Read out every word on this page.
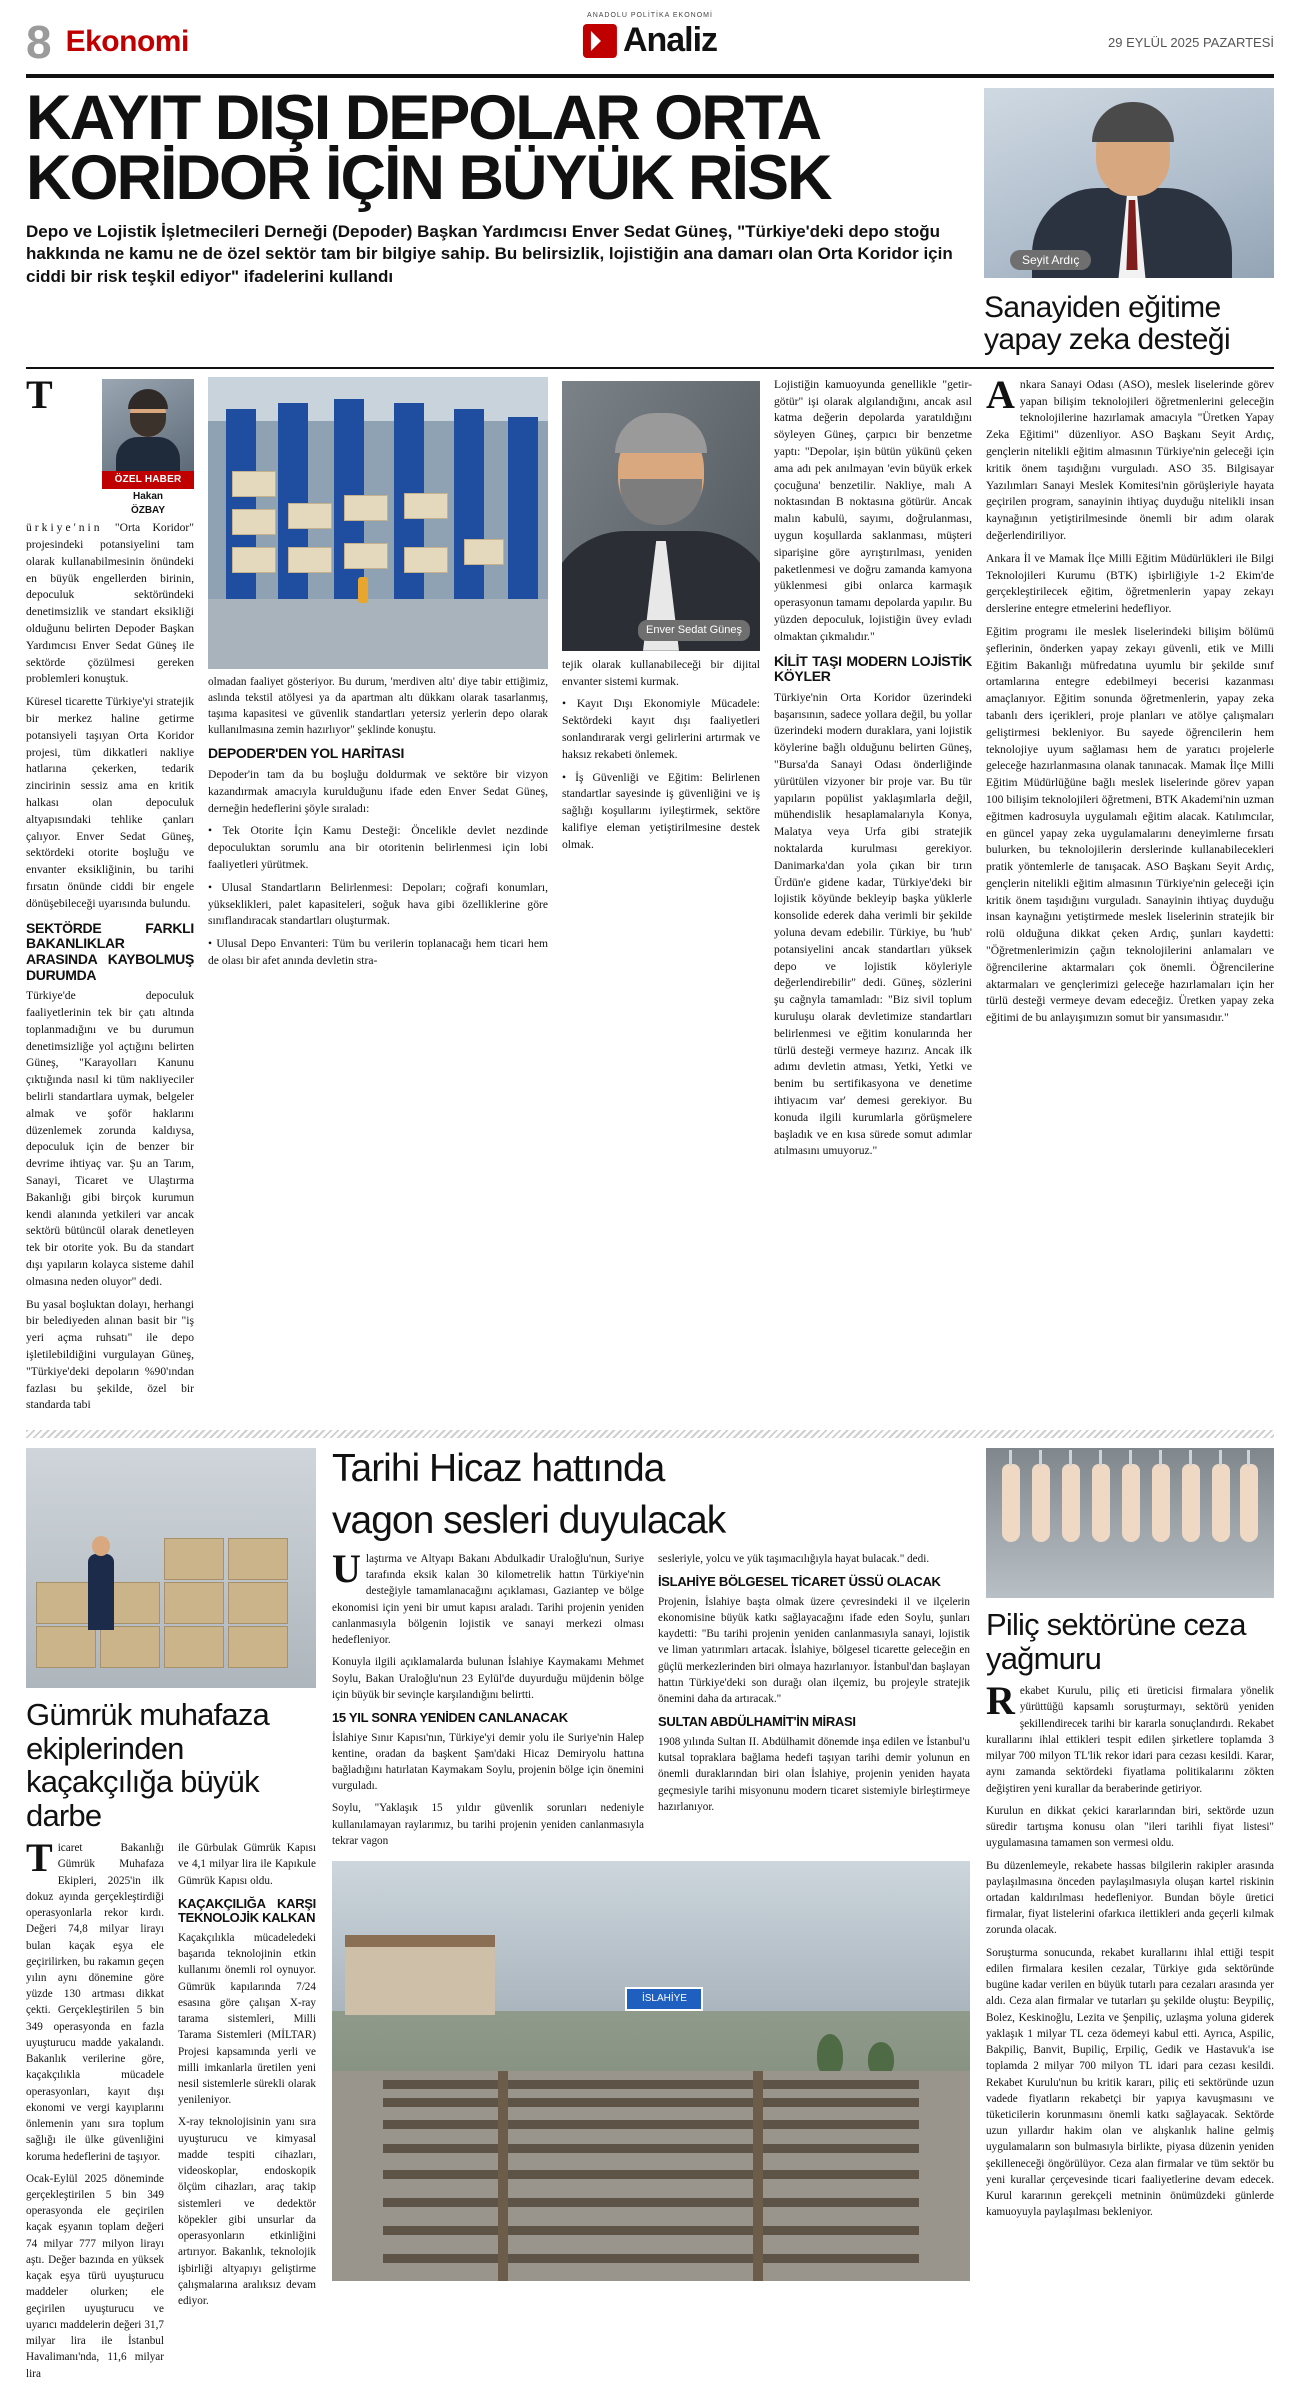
8 Ekonomi
ANADOLU POLİTİKA EKONOMİ
Analiz	29 EYLÜL 2025 PAZARTESİ
KAYIT DIŞI DEPOLAR ORTA
KORİDOR İÇİN BÜYÜK RİSK
Depo ve Lojistik İşletmecileri Derneği (Depoder) Başkan Yardımcısı Enver Sedat Güneş, "Türkiye'deki depo stoğu hakkında ne kamu ne de özel sektör tam bir bilgiye sahip. Bu belirsizlik, lojistiğin ana damarı olan Orta Koridor için ciddi bir risk teşkil ediyor" ifadelerini kullandı
Seyit Ardıç
Sanayiden eğitime yapay zeka desteği
ÖZEL HABER
Hakan
ÖZBAY

T
ürkiye'nin "Orta Koridor" projesindeki potansiyelini tam olarak kullanabilmesinin önündeki en büyük engellerden birinin, depoculuk sektöründeki denetimsizlik ve standart eksikliği olduğunu belirten Depoder Başkan Yardımcısı Enver Sedat Güneş ile sektörde çözülmesi gereken problemleri konuştuk.

Küresel ticarette Türkiye'yi stratejik bir merkez haline getirme potansiyeli taşıyan Orta Koridor projesi, tüm dikkatleri nakliye hatlarına çekerken, tedarik zincirinin sessiz ama en kritik halkası olan depoculuk altyapısındaki tehlike çanları çalıyor. Enver Sedat Güneş, sektördeki otorite boşluğu ve envanter eksikliğinin, bu tarihi fırsatın önünde ciddi bir engele dönüşebileceği uyarısında bulundu.

SEKTÖRDE FARKLI BAKANLIKLAR ARASINDA KAYBOLMUŞ DURUMDA

Türkiye'de depoculuk faaliyetlerinin tek bir çatı altında toplanmadığını ve bu durumun denetimsizliğe yol açtığını belirten Güneş, "Karayolları Kanunu çıktığında nasıl ki tüm nakliyeciler belirli standartlara uymak, belgeler almak ve şoför haklarını düzenlemek zorunda kaldıysa, depoculuk için de benzer bir devrime ihtiyaç var. Şu an Tarım, Sanayi, Ticaret ve Ulaştırma Bakanlığı gibi birçok kurumun kendi alanında yetkileri var ancak sektörü bütüncül olarak denetleyen tek bir otorite yok. Bu da standart dışı yapıların kolayca sisteme dahil olmasına neden oluyor" dedi.

Bu yasal boşluktan dolayı, herhangi bir belediyeden alınan basit bir "iş yeri açma ruhsatı" ile depo işletilebildiğini vurgulayan Güneş, "Türkiye'deki depoların %90'ından fazlası bu şekilde, özel bir standarda tabi

olmadan faaliyet gösteriyor. Bu durum, 'merdiven altı' diye tabir ettiğimiz, aslında tekstil atölyesi ya da apartman altı dükkanı olarak tasarlanmış, taşıma kapasitesi ve güvenlik standartları yetersiz yerlerin depo olarak kullanılmasına zemin hazırlıyor" şeklinde konuştu.

DEPODER'DEN YOL HARİTASI

Depoder'in tam da bu boşluğu doldurmak ve sektöre bir vizyon kazandırmak amacıyla kurulduğunu ifade eden Enver Sedat Güneş, derneğin hedeflerini şöyle sıraladı:

• Tek Otorite İçin Kamu Desteği: Öncelikle devlet nezdinde depoculuktan sorumlu ana bir otoritenin belirlenmesi için lobi faaliyetleri yürütmek.

• Ulusal Standartların Belirlenmesi: Depoları; coğrafi konumları, yükseklikleri, palet kapasiteleri, soğuk hava gibi özelliklerine göre sınıflandıracak standartları oluşturmak.

• Ulusal Depo Envanteri: Tüm bu verilerin toplanacağı hem ticari hem de olası bir afet anında devletin stra-

Enver Sedat Güneş

tejik olarak kullanabileceği bir dijital envanter sistemi kurmak.

• Kayıt Dışı Ekonomiyle Mücadele: Sektördeki kayıt dışı faaliyetleri sonlandırarak vergi gelirlerini artırmak ve haksız rekabeti önlemek.

• İş Güvenliği ve Eğitim: Belirlenen standartlar sayesinde iş güvenliğini ve iş sağlığı koşullarını iyileştirmek, sektöre kalifiye eleman yetiştirilmesine destek olmak.

Lojistiğin kamuoyunda genellikle "getir-götür" işi olarak algılandığını, ancak asıl katma değerin depolarda yaratıldığını söyleyen Güneş, çarpıcı bir benzetme yaptı: "Depolar, işin bütün yükünü çeken ama adı pek anılmayan 'evin büyük erkek çocuğuna' benzetilir. Nakliye, malı A noktasından B noktasına götürür. Ancak malın kabulü, sayımı, doğrulanması, uygun koşullarda saklanması, müşteri siparişine göre ayrıştırılması, yeniden paketlenmesi ve doğru zamanda kamyona yüklenmesi gibi onlarca karmaşık operasyonun tamamı depolarda yapılır. Bu yüzden depoculuk, lojistiğin üvey evladı olmaktan çıkmalıdır."

KİLİT TAŞI MODERN LOJİSTİK KÖYLER

Türkiye'nin Orta Koridor üzerindeki başarısının, sadece yollara değil, bu yollar üzerindeki modern duraklara, yani lojistik köylerine bağlı olduğunu belirten Güneş, "Bursa'da Sanayi Odası önderliğinde yürütülen vizyoner bir proje var. Bu tür yapıların popülist yaklaşımlarla değil, mühendislik hesaplamalarıyla Konya, Malatya veya Urfa gibi stratejik noktalarda kurulması gerekiyor. Danimarka'dan yola çıkan bir tırın Ürdün'e gidene kadar, Türkiye'deki bir lojistik köyünde bekleyip başka yüklerle konsolide ederek daha verimli bir şekilde yoluna devam edebilir. Türkiye, bu 'hub' potansiyelini ancak standartları yüksek depo ve lojistik köyleriyle değerlendirebilir" dedi. Güneş, sözlerini şu cağnyla tamamladı: "Biz sivil toplum kuruluşu olarak devletimize standartları belirlenmesi ve eğitim konularında her türlü desteği vermeye hazırız. Ancak ilk adımı devletin atması, Yetki, Yetki ve benim bu sertifikasyona ve denetime ihtiyacım var' demesi gerekiyor. Bu konuda ilgili kurumlarla görüşmelere başladık ve en kısa sürede somut adımlar atılmasını umuyoruz."

Ankara Sanayi Odası (ASO), meslek liselerinde görev yapan bilişim teknolojileri öğretmenlerini geleceğin teknolojilerine hazırlamak amacıyla "Üretken Yapay Zeka Eğitimi" düzenliyor. ASO Başkanı Seyit Ardıç, gençlerin nitelikli eğitim almasının Türkiye'nin geleceği için kritik önem taşıdığını vurguladı. ASO 35. Bilgisayar Yazılımları Sanayi Meslek Komitesi'nin görüşleriyle hayata geçirilen program, sanayinin ihtiyaç duyduğu nitelikli insan kaynağının yetiştirilmesinde önemli bir adım olarak değerlendiriliyor.

Ankara İl ve Mamak İlçe Milli Eğitim Müdürlükleri ile Bilgi Teknolojileri Kurumu (BTK) işbirliğiyle 1-2 Ekim'de gerçekleştirilecek eğitim, öğretmenlerin yapay zekayı derslerine entegre etmelerini hedefliyor.

Eğitim programı ile meslek liselerindeki bilişim bölümü şeflerinin, önderken yapay zekayı güvenli, etik ve Milli Eğitim Bakanlığı müfredatına uyumlu bir şekilde sınıf ortamlarına entegre edebilmeyi becerisi kazanması amaçlanıyor. Eğitim sonunda öğretmenlerin, yapay zeka tabanlı ders içerikleri, proje planları ve atölye çalışmaları geliştirmesi bekleniyor. Bu sayede öğrencilerin hem teknolojiye uyum sağlaması hem de yaratıcı projelerle geleceğe hazırlanmasına olanak tanınacak. Mamak İlçe Milli Eğitim Müdürlüğüne bağlı meslek liselerinde görev yapan 100 bilişim teknolojileri öğretmeni, BTK Akademi'nin uzman eğitmen kadrosuyla uygulamalı eğitim alacak. Katılımcılar, en güncel yapay zeka uygulamalarını deneyimlerne fırsatı bulurken, bu teknolojilerin derslerinde kullanabilecekleri pratik yöntemlerle de tanışacak. ASO Başkanı Seyit Ardıç, gençlerin nitelikli eğitim almasının Türkiye'nin geleceği için kritik önem taşıdığını vurguladı. Sanayinin ihtiyaç duyduğu insan kaynağını yetiştirmede meslek liselerinin stratejik bir rolü olduğuna dikkat çeken Ardıç, şunları kaydetti: "Öğretmenlerimizin çağın teknolojilerini anlamaları ve öğrencilerine aktarmaları çok önemli. Öğrencilerine aktarmaları ve gençlerimizi geleceğe hazırlamaları için her türlü desteği vermeye devam edeceğiz. Üretken yapay zeka eğitimi de bu anlayışımızın somut bir yansımasıdır."

Gümrük muhafaza ekiplerinden kaçakçılığa büyük darbe

Ticaret Bakanlığı Gümrük Muhafaza Ekipleri, 2025'in ilk dokuz ayında gerçekleştirdiği operasyonlarla rekor kırdı. Değeri 74,8 milyar lirayı bulan kaçak eşya ele geçirilirken, bu rakamın geçen yılın aynı dönemine göre yüzde 130 artması dikkat çekti. Gerçekleştirilen 5 bin 349 operasyonda en fazla uyuşturucu madde yakalandı. Bakanlık verilerine göre, kaçakçılıkla mücadele operasyonları, kayıt dışı ekonomi ve vergi kayıplarını önlemenin yanı sıra toplum sağlığı ile ülke güvenliğini koruma hedeflerini de taşıyor.

Ocak-Eylül 2025 döneminde gerçekleştirilen 5 bin 349 operasyonda ele geçirilen kaçak eşyanın toplam değeri 74 milyar 777 milyon lirayı aştı. Değer bazında en yüksek kaçak eşya türü uyuşturucu maddeler olurken; ele geçirilen uyuşturucu ve uyarıcı maddelerin değeri 31,7 milyar lira ile İstanbul Havalimanı'nda, 11,6 milyar lira

ile Gürbulak Gümrük Kapısı ve 4,1 milyar lira ile Kapıkule Gümrük Kapısı oldu.

KAÇAKÇILIĞA KARŞI TEKNOLOJİK KALKAN

Kaçakçılıkla mücadeledeki başarıda teknolojinin etkin kullanımı önemli rol oynuyor. Gümrük kapılarında 7/24 esasına göre çalışan X-ray tarama sistemleri, Milli Tarama Sistemleri (MİLTAR) Projesi kapsamında yerli ve milli imkanlarla üretilen yeni nesil sistemlerle sürekli olarak yenileniyor.

X-ray teknolojisinin yanı sıra uyuşturucu ve kimyasal madde tespiti cihazları, videoskoplar, endoskopik ölçüm cihazları, araç takip sistemleri ve dedektör köpekler gibi unsurlar da operasyonların etkinliğini artırıyor. Bakanlık, teknolojik işbirliği altyapıyı geliştirme çalışmalarına aralıksız devam ediyor.

Tarihi Hicaz hattında
vagon sesleri duyulacak

Ulaştırma ve Altyapı Bakanı Abdulkadir Uraloğlu'nun, Suriye tarafında eksik kalan 30 kilometrelik hattın Türkiye'nin desteğiyle tamamlanacağını açıklaması, Gaziantep ve bölge ekonomisi için yeni bir umut kapısı araladı. Tarihi projenin yeniden canlanmasıyla bölgenin lojistik ve sanayi merkezi olması hedefleniyor.

Konuyla ilgili açıklamalarda bulunan İslahiye Kaymakamı Mehmet Soylu, Bakan Uraloğlu'nun 23 Eylül'de duyurduğu müjdenin bölge için büyük bir sevinçle karşılandığını belirtti.

15 YIL SONRA YENİDEN CANLANACAK

İslahiye Sınır Kapısı'nın, Türkiye'yi demir yolu ile Suriye'nin Halep kentine, oradan da başkent Şam'daki Hicaz Demiryolu hattına bağladığını hatırlatan Kaymakam Soylu, projenin bölge için önemini vurguladı.

Soylu, "Yaklaşık 15 yıldır güvenlik sorunları nedeniyle kullanılamayan raylarımız, bu tarihi projenin yeniden canlanmasıyla tekrar vagon

sesleriyle, yolcu ve yük taşımacılığıyla hayat bulacak." dedi.

İSLAHİYE BÖLGESEL TİCARET ÜSSÜ OLACAK

Projenin, İslahiye başta olmak üzere çevresindeki il ve ilçelerin ekonomisine büyük katkı sağlayacağını ifade eden Soylu, şunları kaydetti: "Bu tarihi projenin yeniden canlanmasıyla sanayi, lojistik ve liman yatırımları artacak. İslahiye, bölgesel ticarette geleceğin en güçlü merkezlerinden biri olmaya hazırlanıyor. İstanbul'dan başlayan hattın Türkiye'deki son durağı olan ilçemiz, bu projeyle stratejik önemini daha da artıracak."

SULTAN ABDÜLHAMİT'İN MİRASI

1908 yılında Sultan II. Abdülhamit dönemde inşa edilen ve İstanbul'u kutsal topraklara bağlama hedefi taşıyan tarihi demir yolunun en önemli duraklarından biri olan İslahiye, projenin yeniden hayata geçmesiyle tarihi misyonunu modern ticaret sistemiyle birleştirmeye hazırlanıyor.

İSLAHİYE
Piliç sektörüne ceza yağmuru

Rekabet Kurulu, piliç eti üreticisi firmalara yönelik yürüttüğü kapsamlı soruşturmayı, sektörü yeniden şekillendirecek tarihi bir kararla sonuçlandırdı. Rekabet kurallarını ihlal ettikleri tespit edilen şirketlere toplamda 3 milyar 700 milyon TL'lik rekor idari para cezası kesildi. Karar, aynı zamanda sektördeki fiyatlama politikalarını zökten değiştiren yeni kurallar da beraberinde getiriyor.

Kurulun en dikkat çekici kararlarından biri, sektörde uzun süredir tartışma konusu olan "ileri tarihli fiyat listesi" uygulamasına tamamen son vermesi oldu.

Bu düzenlemeyle, rekabete hassas bilgilerin rakipler arasında paylaşılmasına önceden paylaşılmasıyla oluşan kartel riskinin ortadan kaldırılması hedefleniyor. Bundan böyle üretici firmalar, fiyat listelerini ofarkıca ilettikleri anda geçerli kılmak zorunda olacak.

Soruşturma sonucunda, rekabet kurallarını ihlal ettiği tespit edilen firmalara kesilen cezalar, Türkiye gıda sektöründe bugüne kadar verilen en büyük tutarlı para cezaları arasında yer aldı. Ceza alan firmalar ve tutarları şu şekilde oluştu: Beypiliç, Bolez, Keskinoğlu, Lezita ve Şenpiliç, uzlaşma yoluna giderek yaklaşık 1 milyar TL ceza ödemeyi kabul etti. Ayrıca, Aspilic, Bakpiliç, Banvit, Bupiliç, Erpiliç, Gedik ve Hastavuk'a ise toplamda 2 milyar 700 milyon TL idari para cezası kesildi. Rekabet Kurulu'nun bu kritik kararı, piliç eti sektöründe uzun vadede fiyatların rekabetçi bir yapıya kavuşmasını ve tüketicilerin korunmasını önemli katkı sağlayacak. Sektörde uzun yıllardır hakim olan ve alışkanlık haline gelmiş uygulamaların son bulmasıyla birlikte, piyasa düzenin yeniden şekilleneceği öngörülüyor. Ceza alan firmalar ve tüm sektör bu yeni kurallar çerçevesinde ticari faaliyetlerine devam edecek. Kurul kararının gerekçeli metninin önümüzdeki günlerde kamuoyuyla paylaşılması bekleniyor.
